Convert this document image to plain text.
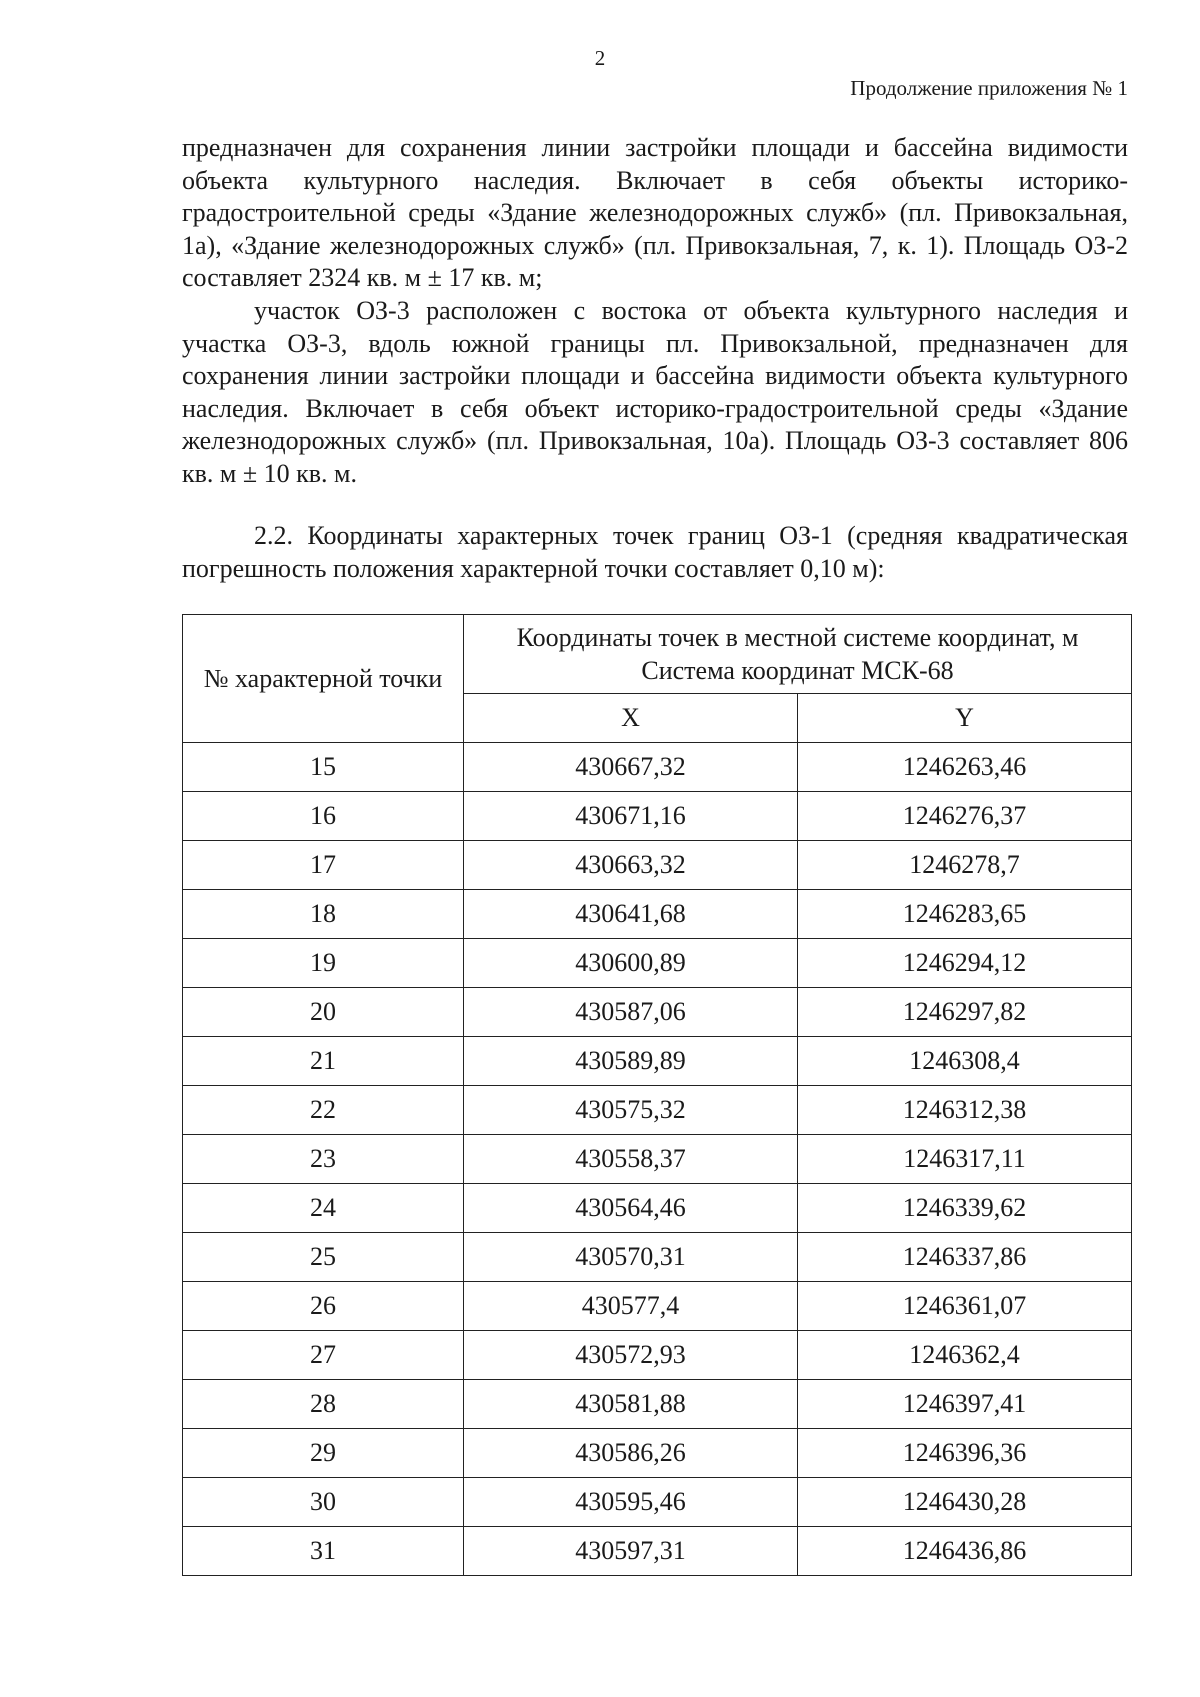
2
Продолжение приложения № 1

предназначен для сохранения линии застройки площади и бассейна видимости объекта культурного наследия. Включает в себя объекты историко-градостроительной среды «Здание железнодорожных служб» (пл. Привокзальная, 1а), «Здание железнодорожных служб» (пл. Привокзальная, 7, к. 1). Площадь ОЗ-2 составляет 2324 кв. м ± 17 кв. м;

участок ОЗ-3 расположен с востока от объекта культурного наследия и участка ОЗ-3, вдоль южной границы пл. Привокзальной, предназначен для сохранения линии застройки площади и бассейна видимости объекта культурного наследия. Включает в себя объект историко-градостроительной среды «Здание железнодорожных служб» (пл. Привокзальная, 10а). Площадь ОЗ-3 составляет 806 кв. м ± 10 кв. м.

2.2. Координаты характерных точек границ ОЗ-1 (средняя квадратическая погрешность положения характерной точки составляет 0,10 м):

№ характерной точки	Координаты точек в местной системе координат, м
Система координат МСК-68	

	X	Y
15	430667,32	1246263,46
16	430671,16	1246276,37
17	430663,32	1246278,7
18	430641,68	1246283,65
19	430600,89	1246294,12
20	430587,06	1246297,82
21	430589,89	1246308,4
22	430575,32	1246312,38
23	430558,37	1246317,11
24	430564,46	1246339,62
25	430570,31	1246337,86
26	430577,4	1246361,07
27	430572,93	1246362,4
28	430581,88	1246397,41
29	430586,26	1246396,36
30	430595,46	1246430,28
31	430597,31	1246436,86
